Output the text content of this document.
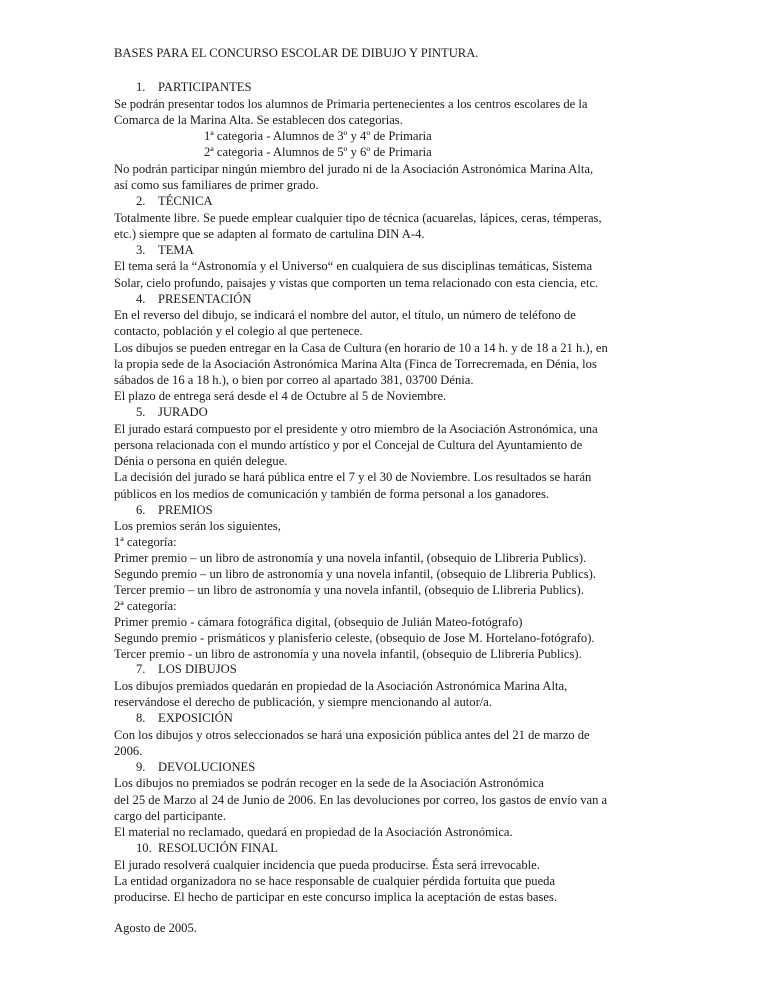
BASES PARA EL CONCURSO ESCOLAR DE DIBUJO Y PINTURA.
1. PARTICIPANTES
Se podrán presentar todos los alumnos de Primaria pertenecientes a los centros escolares de la
Comarca de la Marina Alta. Se establecen dos categorias.
1ª categoria - Alumnos de 3º y 4º de Primaria
2ª categoria - Alumnos de 5º y 6º de Primaria
No podrán participar ningún miembro del jurado ni de la Asociación Astronómica Marina Alta,
así como sus familiares de primer grado.
2. TÉCNICA
Totalmente libre. Se puede emplear cualquier tipo de técnica (acuarelas, lápices, ceras, témperas,
etc.) siempre que se adapten al formato de cartulina DIN A-4.
3. TEMA
El tema será la “Astronomía y el Universo“ en cualquiera de sus disciplinas temáticas, Sistema
Solar, cielo profundo, paisajes y vistas que comporten un tema relacionado con esta ciencia, etc.
4. PRESENTACIÓN
En el reverso del dibujo, se indicará el nombre del autor, el título, un número de teléfono de
contacto, población y el colegio al que pertenece.
Los dibujos se pueden entregar en la Casa de Cultura (en horario de 10 a 14 h. y de 18 a 21 h.), en
la propia sede de la Asociación Astronómica Marina Alta (Finca de Torrecremada, en Dénia, los
sábados de 16 a 18 h.), o bien por correo al apartado 381, 03700 Dénia.
El plazo de entrega será desde el 4 de Octubre al 5 de Noviembre.
5. JURADO
El jurado estará compuesto por el presidente y otro miembro de la Asociación Astronómica, una
persona relacionada con el mundo artístico y por el Concejal de Cultura del Ayuntamiento de
Dénia o persona en quién delegue.
La decisión del jurado se hará pública entre el 7 y el 30 de Noviembre. Los resultados se harán
públicos en los medios de comunicación y también de forma personal a los ganadores.
6. PREMIOS
Los premios serán los siguientes,
1ª categoría:
Primer premio – un libro de astronomía y una novela infantil, (obsequio de Llibreria Publics).
Segundo premio – un libro de astronomía y una novela infantil, (obsequio de Llibreria Publics).
Tercer premio – un libro de astronomía y una novela infantil, (obsequio de Llibreria Publics).
2ª categoría:
Primer premio - cámara fotográfica digital, (obsequio de Julián Mateo-fotógrafo)
Segundo premio - prismáticos y planisferio celeste, (obsequio de Jose M. Hortelano-fotógrafo).
Tercer premio - un libro de astronomía y una novela infantil, (obsequio de Llibreria Publics).
7. LOS DIBUJOS
Los dibujos premiados quedarán en propiedad de la Asociación Astronómica Marina Alta,
reservándose el derecho de publicación, y siempre mencionando al autor/a.
8. EXPOSICIÓN
Con los dibujos y otros seleccionados se hará una exposición pública antes del 21 de marzo de
2006.
9. DEVOLUCIONES
Los dibujos no premiados se podrán recoger en la sede de la Asociación Astronómica
del 25 de Marzo al 24 de Junio de 2006. En las devoluciones por correo, los gastos de envío van a
cargo del participante.
El material no reclamado, quedará en propiedad de la Asociación Astronómica.
10. RESOLUCIÓN FINAL
El jurado resolverá cualquier incidencia que pueda producirse. Ésta será irrevocable.
La entidad organizadora no se hace responsable de cualquier pérdida fortuita que pueda
producirse. El hecho de participar en este concurso implica la aceptación de estas bases.
Agosto de 2005.
